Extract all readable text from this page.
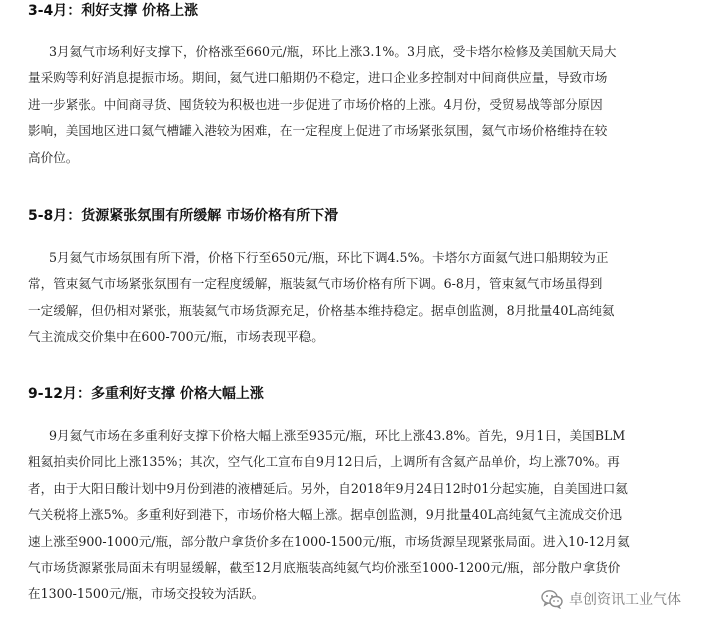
3-4月：利好支撑 价格上涨

3月氦气市场利好支撑下，价格涨至660元/瓶，环比上涨3.1%。3月底，受卡塔尔检修及美国航天局大
量采购等利好消息提振市场。期间，氦气进口船期仍不稳定，进口企业多控制对中间商供应量，导致市场
进一步紧张。中间商寻货、囤货较为积极也进一步促进了市场价格的上涨。4月份，受贸易战等部分原因
影响，美国地区进口氦气槽罐入港较为困难，在一定程度上促进了市场紧张氛围，氦气市场价格维持在较
高价位。

5-8月：货源紧张氛围有所缓解 市场价格有所下滑

5月氦气市场氛围有所下滑，价格下行至650元/瓶，环比下调4.5%。卡塔尔方面氦气进口船期较为正
常，管束氦气市场紧张氛围有一定程度缓解，瓶装氦气市场价格有所下调。6-8月，管束氦气市场虽得到
一定缓解，但仍相对紧张，瓶装氦气市场货源充足，价格基本维持稳定。据卓创监测，8月批量40L高纯氦
气主流成交价集中在600-700元/瓶，市场表现平稳。

9-12月：多重利好支撑 价格大幅上涨

9月氦气市场在多重利好支撑下价格大幅上涨至935元/瓶，环比上涨43.8%。首先，9月1日，美国BLM
粗氦拍卖价同比上涨135%；其次，空气化工宣布自9月12日后，上调所有含氦产品单价，均上涨70%。再
者，由于大阳日酸计划中9月份到港的液槽延后。另外，自2018年9月24日12时01分起实施，自美国进口氦
气关税将上涨5%。多重利好到港下，市场价格大幅上涨。据卓创监测，9月批量40L高纯氦气主流成交价迅
速上涨至900-1000元/瓶，部分散户拿货价多在1000-1500元/瓶，市场货源呈现紧张局面。进入10-12月氦
气市场货源紧张局面未有明显缓解，截至12月底瓶装高纯氦气均价涨至1000-1200元/瓶，部分散户拿货价
在1300-1500元/瓶，市场交投较为活跃。	卓创资讯工业气体
